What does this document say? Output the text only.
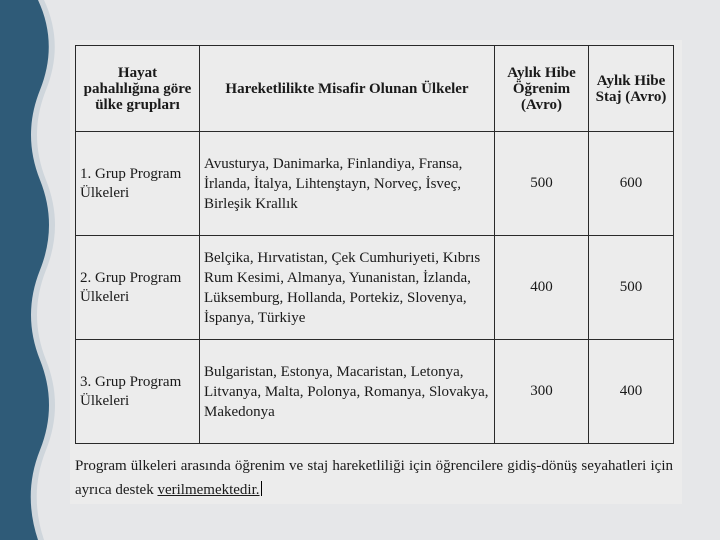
Hayat pahalılığına göre ülke grupları	Hareketlilikte Misafir Olunan Ülkeler	Aylık Hibe Öğrenim (Avro)	Aylık Hibe Staj (Avro)
1. Grup Program Ülkeleri	Avusturya, Danimarka, Finlandiya, Fransa, İrlanda, İtalya, Lihtenştayn, Norveç, İsveç, Birleşik Krallık	500	600
2. Grup Program Ülkeleri	Belçika, Hırvatistan, Çek Cumhuriyeti, Kıbrıs Rum Kesimi, Almanya, Yunanistan, İzlanda, Lüksemburg, Hollanda, Portekiz, Slovenya, İspanya, Türkiye	400	500
3. Grup Program Ülkeleri	Bulgaristan, Estonya, Macaristan, Letonya, Litvanya, Malta, Polonya, Romanya, Slovakya, Makedonya	300	400
Program ülkeleri arasında öğrenim ve staj hareketliliği için öğrencilere gidiş-dönüş seyahatleri için ayrıca destek verilmemektedir.
